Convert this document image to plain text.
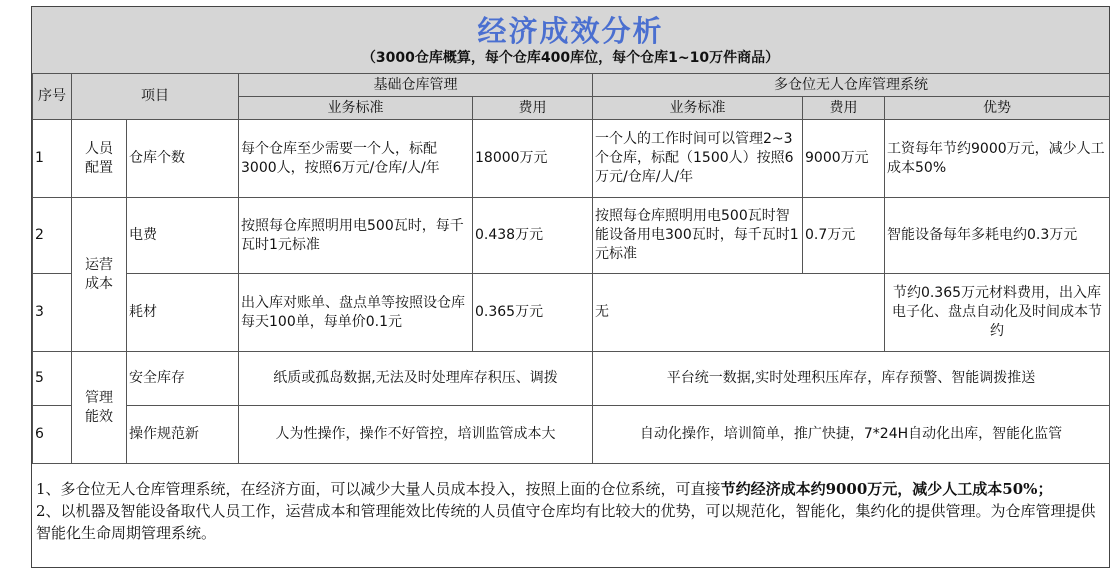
经济成效分析
（3000仓库概算，每个仓库400库位，每个仓库1~10万件商品）
序号	项目		基础仓库管理		多仓位无人仓库管理系统		
			业务标准	费用	业务标准	费用	优势
1	人员配置	仓库个数	每个仓库至少需要一个人，标配3000人，按照6万元/仓库/人/年	18000万元	一个人的工作时间可以管理2~3个仓库，标配（1500人）按照6万元/仓库/人/年	9000万元	工资每年节约9000万元，减少人工成本50%
2	运营成本	电费	按照每仓库照明用电500瓦时，每千瓦时1元标准	0.438万元	按照每仓库照明用电500瓦时智能设备用电300瓦时，每千瓦时1元标准	0.7万元	智能设备每年多耗电约0.3万元
3		耗材	出入库对账单、盘点单等按照设仓库每天100单，每单价0.1元	0.365万元	无		节约0.365万元材料费用，出入库电子化、盘点自动化及时间成本节约
5	管理能效	安全库存	纸质或孤岛数据,无法及时处理库存积压、调拨		平台统一数据,实时处理积压库存，库存预警、智能调拨推送		
6		操作规范新	人为性操作，操作不好管控，培训监管成本大		自动化操作，培训简单，推广快捷，7*24H自动化出库，智能化监管		
1、多仓位无人仓库管理系统，在经济方面，可以减少大量人员成本投入，按照上面的仓位系统，可直接节约经济成本约9000万元，减少人工成本50%；
2、以机器及智能设备取代人员工作，运营成本和管理能效比传统的人员值守仓库均有比较大的优势，可以规范化，智能化，集约化的提供管理。为仓库管理提供智能化生命周期管理系统。
